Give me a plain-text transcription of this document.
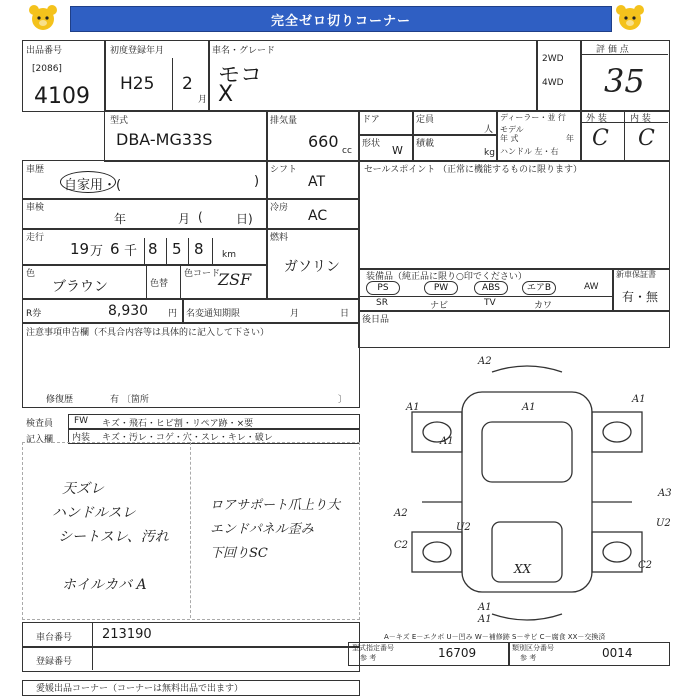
完全ゼロ切りコーナー
出品番号
[2086]
4109
初度登録年月
H25 2
月
車名・グレード
モコ
X
2WD
4WD
評 価 点
35
型式
DBA-MG33S
排気量
660 cc
ドア	定員
人
形状 W 積載
kg
ディーラー・並 行
モデル
年 式	年
ハンドル 左・右
外 装	内 装
C C
車歴
自家用・(	)
シフト
AT
セールスポイント （正常に機能するものに限ります）
車検
年	月 (	日)
冷房 AC
走行
19 万 6 千 8 5 8 km
燃料
ガソリン
色
ブラウン	色替
色コード
ZSF	装備品（純正品に限り○印でください）
PS	PW	ABS	エアB	AW
SR	ナビ	TV	カワ
新車保証書
有・無
R券	8,930 円 名変通知期限	月	日
後日品
注意事項申告欄（不具合内容等は具体的に記入して下さい）
修復歴	有 〔箇所	〕
検査員
記入欄
FW キズ・飛石・ヒビ割・リペア跡・×要
内装 キズ・汚レ・コゲ・穴・スレ・キレ・破レ
天ズレ
ハンドルスレ
シートスレ、汚れ
ホイルカバ A
ロアサポート爪上り大
エンドパネル歪み
下回りSC
A2
A1	A1
A1
A1
A2
U2
A3
U2
C2
C2
XX
A1
A1
A－キズ E－エクボ U－凹み W－補修跡 S－サビ C－腐食 XX－交換済
車台番号 213190
登録番号
型式指定番号
参 考	16709	類別区分番号
参 考	0014
愛媛出品コーナー（コーナーは無料出品で出ます）
